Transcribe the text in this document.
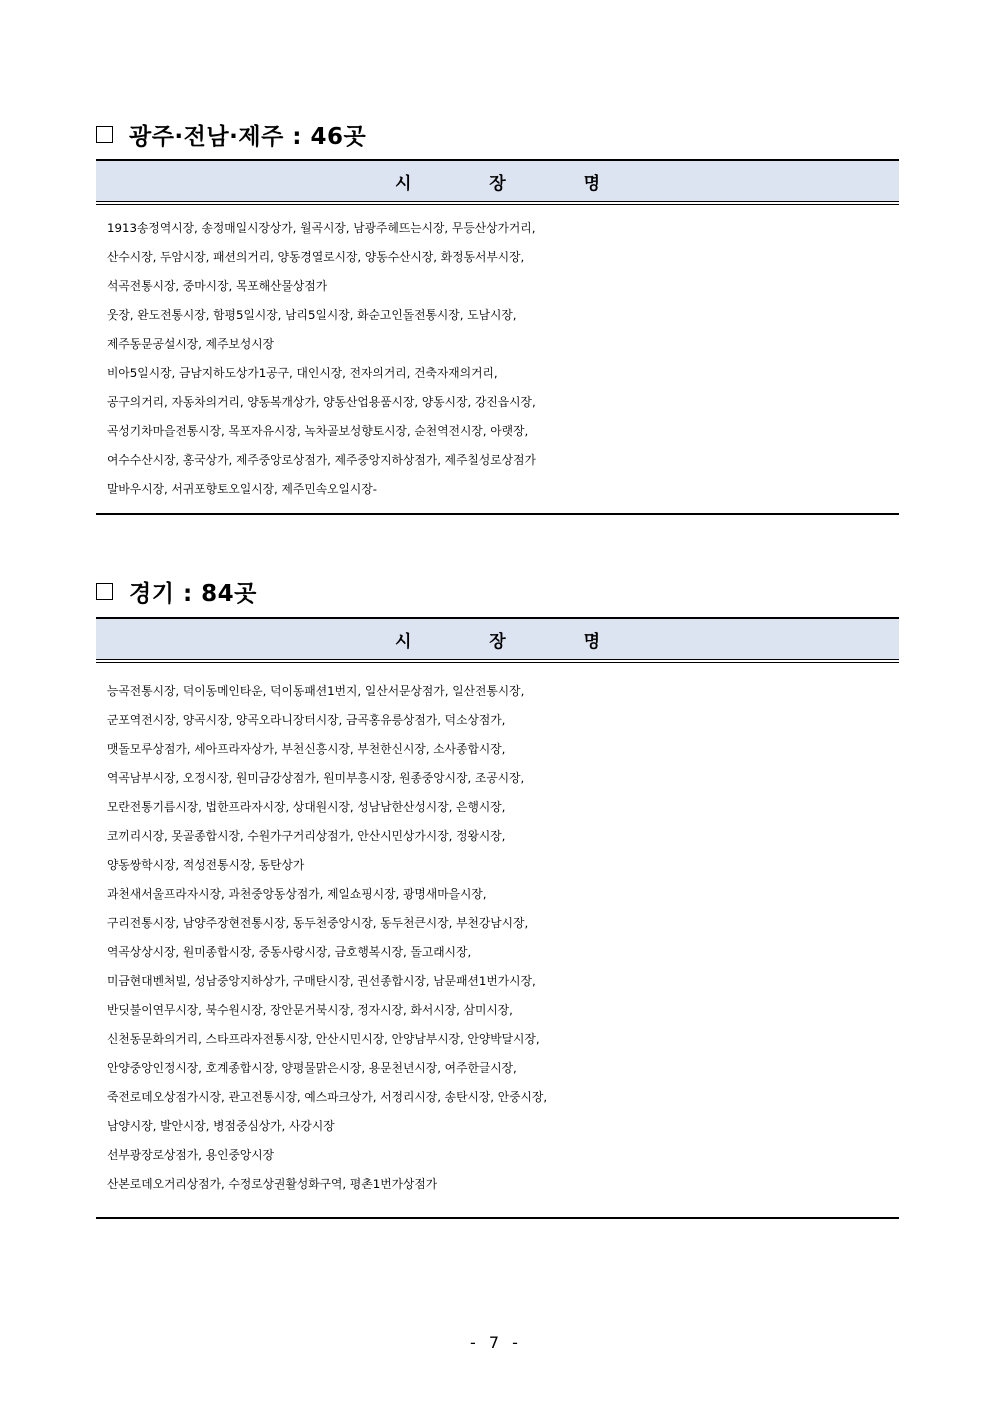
광주·전남·제주 : 46곳
시 장 명
1913송정역시장, 송정매일시장상가, 월곡시장, 남광주헤뜨는시장, 무등산상가거리,
산수시장, 두암시장, 패션의거리, 양동경열로시장, 양동수산시장, 화정동서부시장,
석곡전통시장, 중마시장, 목포해산물상점가
웃장, 완도전통시장, 함평5일시장, 남리5일시장, 화순고인돌전통시장, 도남시장,
제주동문공설시장, 제주보성시장
비아5일시장, 금남지하도상가1공구, 대인시장, 전자의거리, 건축자재의거리,
공구의거리, 자동차의거리, 양동복개상가, 양동산업용품시장, 양동시장, 강진읍시장,
곡성기차마을전통시장, 목포자유시장, 녹차골보성향토시장, 순천역전시장, 아랫장,
여수수산시장, 홍국상가, 제주중앙로상점가, 제주중앙지하상점가, 제주칠성로상점가
말바우시장, 서귀포향토오일시장, 제주민속오일시장-
경기 : 84곳
시 장 명
능곡전통시장, 덕이동메인타운, 덕이동패션1번지, 일산서문상점가, 일산전통시장,
군포역전시장, 양곡시장, 양곡오라니장터시장, 금곡홍유릉상점가, 덕소상점가,
맷돌모루상점가, 세아프라자상가, 부천신흥시장, 부천한신시장, 소사종합시장,
역곡남부시장, 오정시장, 원미금강상점가, 원미부흥시장, 원종중앙시장, 조공시장,
모란전통기름시장, 법한프라자시장, 상대원시장, 성남남한산성시장, 은행시장,
코끼리시장, 못골종합시장, 수원가구거리상점가, 안산시민상가시장, 정왕시장,
양동쌍학시장, 적성전통시장, 동탄상가
과천새서울프라자시장, 과천중앙동상점가, 제일쇼핑시장, 광명새마을시장,
구리전통시장, 남양주장현전통시장, 동두천중앙시장, 동두천큰시장, 부천강남시장,
역곡상상시장, 원미종합시장, 중동사랑시장, 금호행복시장, 돌고래시장,
미금현대벤처빌, 성남중앙지하상가, 구매탄시장, 권선종합시장, 남문패션1번가시장,
반딧불이연무시장, 북수원시장, 장안문거북시장, 정자시장, 화서시장, 삼미시장,
신천동문화의거리, 스타프라자전통시장, 안산시민시장, 안양남부시장, 안양박달시장,
안양중앙인정시장, 호계종합시장, 양평물맑은시장, 용문천년시장, 여주한글시장,
죽전로데오상점가시장, 관고전통시장, 예스파크상가, 서정리시장, 송탄시장, 안중시장,
남양시장, 발안시장, 병점중심상가, 사강시장
선부광장로상점가, 용인중앙시장
산본로데오거리상점가, 수정로상권활성화구역, 평촌1번가상점가
- 7 -
